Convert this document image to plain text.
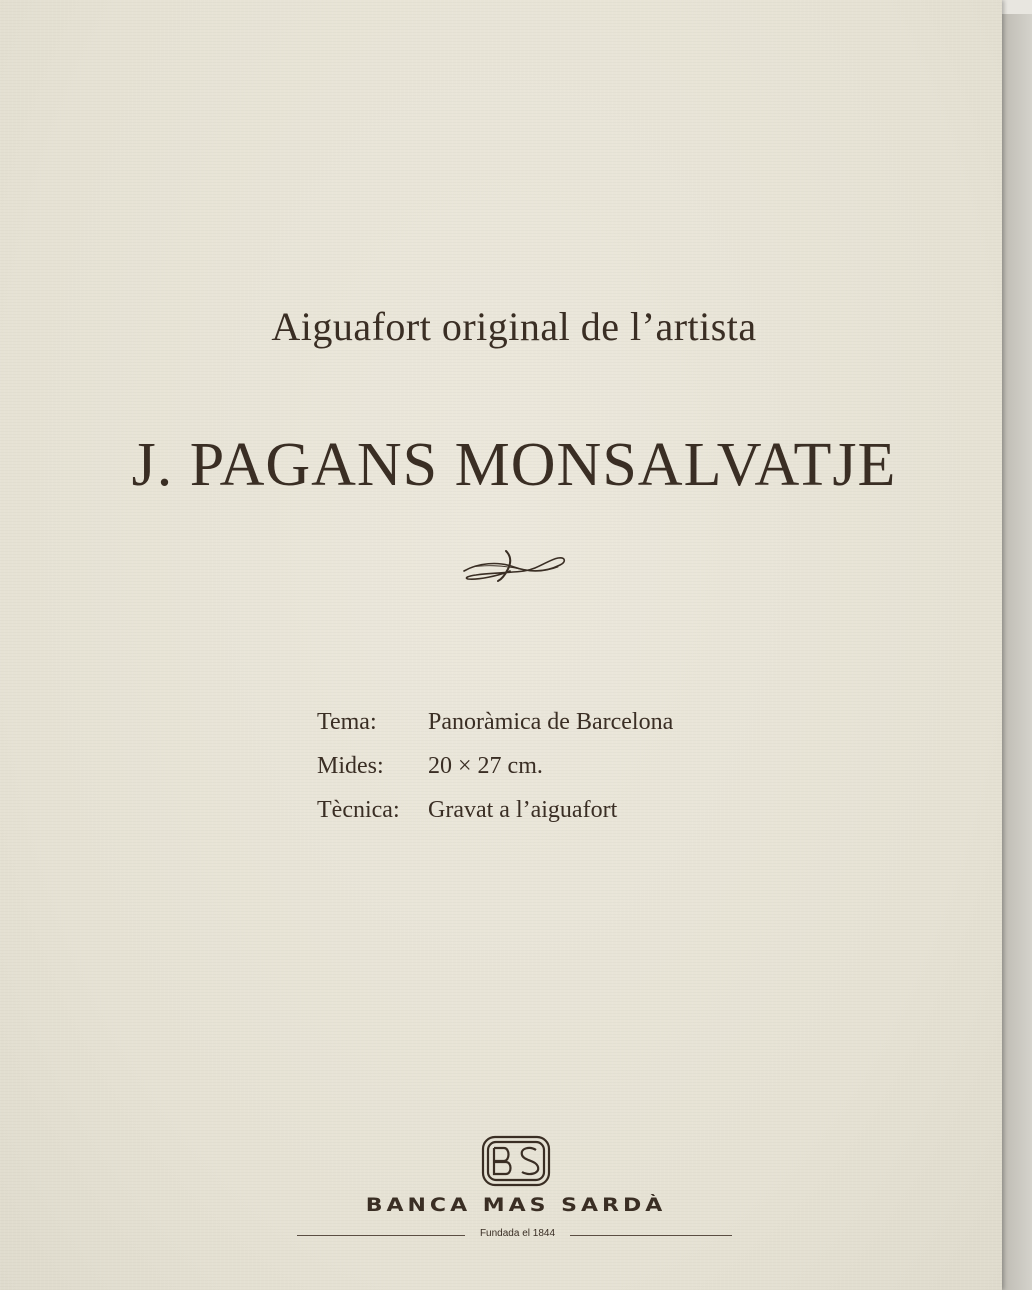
Aiguafort original de l’artista
J. PAGANS MONSALVATJE
Tema:	Panoràmica de Barcelona
Mides:	20 × 27 cm.
Tècnica:	Gravat a l’aiguafort
BANCA MAS SARDÀ
Fundada el 1844
